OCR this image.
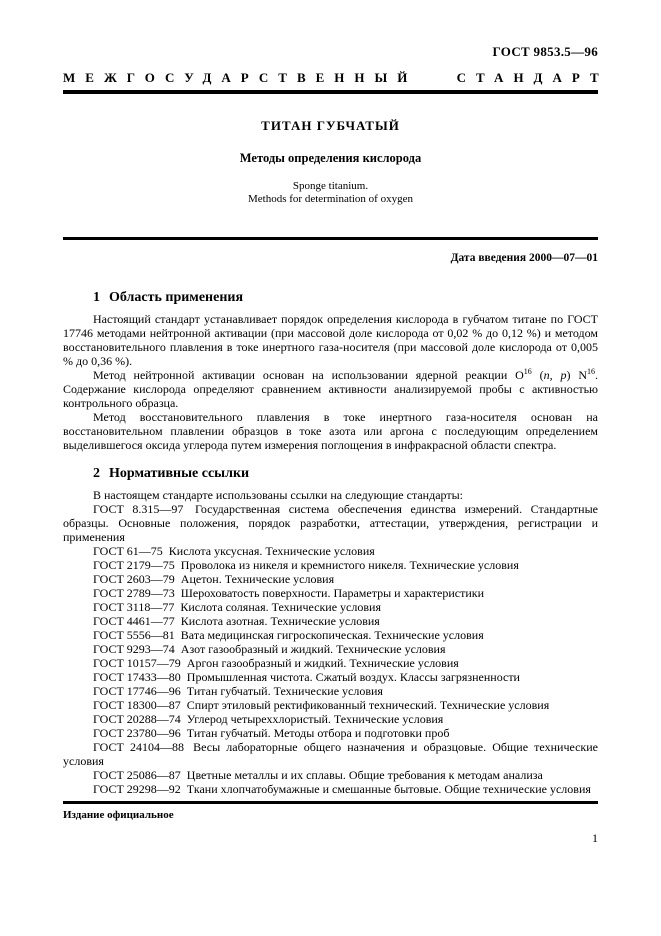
ГОСТ 9853.5—96
МЕЖГОСУДАРСТВЕННЫЙ СТАНДАРТ
ТИТАН ГУБЧАТЫЙ
Методы определения кислорода
Sponge titanium.
Methods for determination of oxygen
Дата введения 2000—07—01
1 Область применения

Настоящий стандарт устанавливает порядок определения кислорода в губчатом титане по ГОСТ 17746 методами нейтронной активации (при массовой доле кислорода от 0,02 % до 0,12 %) и методом восстановительного плавления в токе инертного газа-носителя (при массовой доле кислорода от 0,005 % до 0,36 %).

Метод нейтронной активации основан на использовании ядерной реакции $O^{16}$ (n, p) $N^{16}$. Содержание кислорода определяют сравнением активности анализируемой пробы с активностью контрольного образца.

Метод восстановительного плавления в токе инертного газа-носителя основан на восстановительном плавлении образцов в токе азота или аргона с последующим определением выделившегося оксида углерода путем измерения поглощения в инфракрасной области спектра.

2 Нормативные ссылки

В настоящем стандарте использованы ссылки на следующие стандарты:

ГОСТ 8.315—97 Государственная система обеспечения единства измерений. Стандартные образцы. Основные положения, порядок разработки, аттестации, утверждения, регистрации и применения

ГОСТ 61—75 Кислота уксусная. Технические условия

ГОСТ 2179—75 Проволока из никеля и кремнистого никеля. Технические условия

ГОСТ 2603—79 Ацетон. Технические условия

ГОСТ 2789—73 Шероховатость поверхности. Параметры и характеристики

ГОСТ 3118—77 Кислота соляная. Технические условия

ГОСТ 4461—77 Кислота азотная. Технические условия

ГОСТ 5556—81 Вата медицинская гигроскопическая. Технические условия

ГОСТ 9293—74 Азот газообразный и жидкий. Технические условия

ГОСТ 10157—79 Аргон газообразный и жидкий. Технические условия

ГОСТ 17433—80 Промышленная чистота. Сжатый воздух. Классы загрязненности

ГОСТ 17746—96 Титан губчатый. Технические условия

ГОСТ 18300—87 Спирт этиловый ректификованный технический. Технические условия

ГОСТ 20288—74 Углерод четыреххлористый. Технические условия

ГОСТ 23780—96 Титан губчатый. Методы отбора и подготовки проб

ГОСТ 24104—88 Весы лабораторные общего назначения и образцовые. Общие технические условия

ГОСТ 25086—87 Цветные металлы и их сплавы. Общие требования к методам анализа

ГОСТ 29298—92 Ткани хлопчатобумажные и смешанные бытовые. Общие технические условия

Издание официальное
1
